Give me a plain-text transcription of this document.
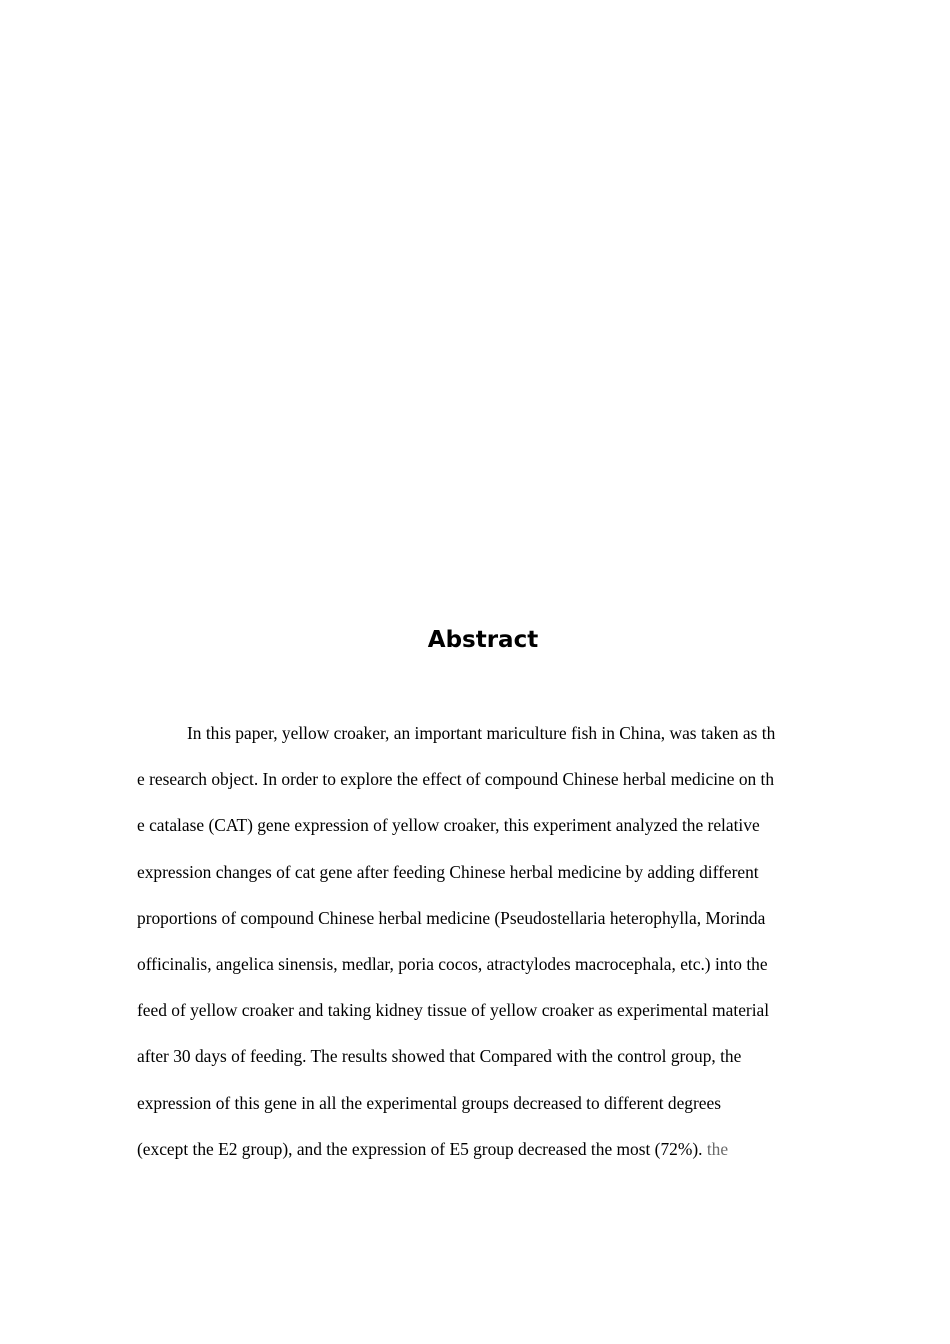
Abstract
In this paper, yellow croaker, an important mariculture fish in China, was taken as th
e research object. In order to explore the effect of compound Chinese herbal medicine on th
e catalase (CAT) gene expression of yellow croaker, this experiment analyzed the relative
expression changes of cat gene after feeding Chinese herbal medicine by adding different
proportions of compound Chinese herbal medicine (Pseudostellaria heterophylla, Morinda
officinalis, angelica sinensis, medlar, poria cocos, atractylodes macrocephala, etc.) into the
feed of yellow croaker and taking kidney tissue of yellow croaker as experimental material
after 30 days of feeding. The results showed that Compared with the control group, the
expression of this gene in all the experimental groups decreased to different degrees
(except the E2 group), and the expression of E5 group decreased the most (72%). the
